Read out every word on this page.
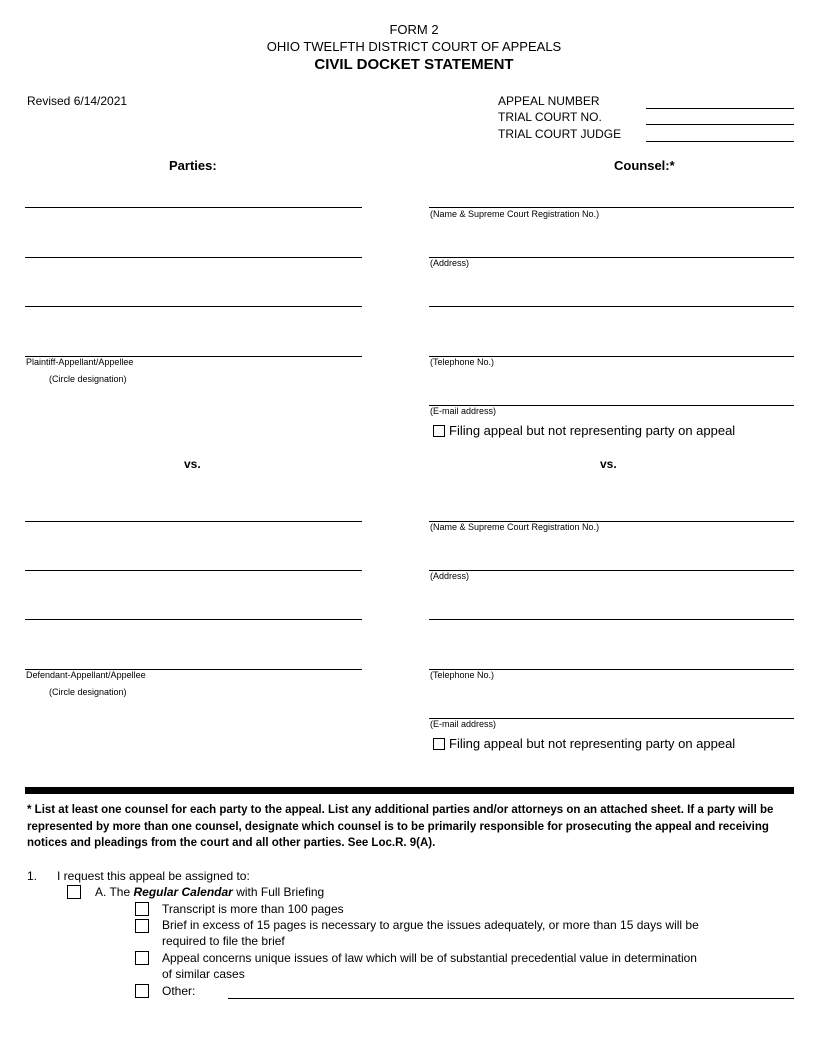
FORM 2
OHIO TWELFTH DISTRICT COURT OF APPEALS
CIVIL DOCKET STATEMENT
Revised 6/14/2021	APPEAL NUMBER
TRIAL COURT NO.
TRIAL COURT JUDGE
Parties:	Counsel:*
Plaintiff-Appellant/Appellee
(Circle designation)
(Name & Supreme Court Registration No.)
(Address)
(Telephone No.)
(E-mail address)
Filing appeal but not representing party on appeal
vs.	vs.
Defendant-Appellant/Appellee
(Circle designation)
(Name & Supreme Court Registration No.)
(Address)
(Telephone No.)
(E-mail address)
Filing appeal but not representing party on appeal
* List at least one counsel for each party to the appeal. List any additional parties and/or attorneys on an attached sheet. If a party will be represented by more than one counsel, designate which counsel is to be primarily responsible for prosecuting the appeal and receiving notices and pleadings from the court and all other parties. See Loc.R. 9(A).
1. I request this appeal be assigned to:
A. The Regular Calendar with Full Briefing
Transcript is more than 100 pages
Brief in excess of 15 pages is necessary to argue the issues adequately, or more than 15 days will be
required to file the brief
Appeal concerns unique issues of law which will be of substantial precedential value in determination
of similar cases
Other:
